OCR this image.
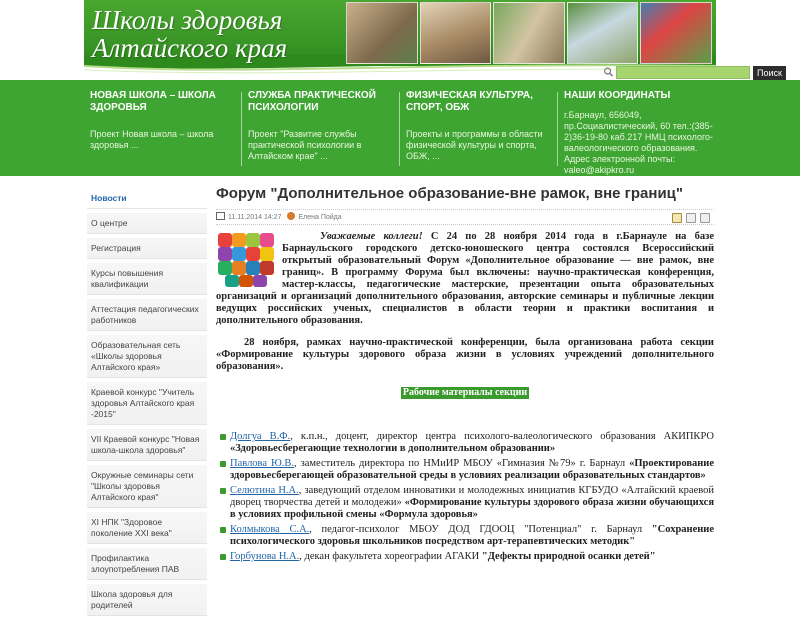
Школы здоровья
Алтайского края
Поиск
НОВАЯ ШКОЛА – ШКОЛА ЗДОРОВЬЯ
Проект Новая школа – школа здоровья ...
СЛУЖБА ПРАКТИЧЕСКОЙ ПСИХОЛОГИИ
Проект "Развитие службы практической психологии в Алтайском крае" ...
ФИЗИЧЕСКАЯ КУЛЬТУРА, СПОРТ, ОБЖ
Проекты и программы в области физической культуры и спорта, ОБЖ, ...
НАШИ КООРДИНАТЫ
г.Барнаул, 656049, пр.Социалистический, 60 тел.:(385-2)36-19-80 каб.217 НМЦ психолого-валеологического образования. Адрес электронной почты: valeo@akipkro.ru
Новости
О центре
Регистрация
Курсы повышения квалификации
Аттестация педагогических работников
Образовательная сеть «Школы здоровья Алтайского края»
Краевой конкурс "Учитель здоровья Алтайского края -2015"
VII Краевой конкурс "Новая школа-школа здоровья"
Окружные семинары сети "Школы здоровья Алтайского края"
XI НПК "Здоровое поколение XXI века"
Профилактика злоупотребления ПАВ
Школа здоровья для родителей
Форум "Дополнительное образование-вне рамок, вне границ"
11.11.2014 14:27 Елена Пойда

Уважаемые коллеги! С 24 по 28 ноября 2014 года в г.Барнауле на базе Барнаульского городского детско-юношеского центра состоялся Всероссийский открытый образовательный Форум «Дополнительное образование — вне рамок, вне границ». В программу Форума был включены: научно-практическая конференция, мастер-классы, педагогические мастерские, презентации опыта образовательных организаций и организаций дополнительного образования, авторские семинары и публичные лекции ведущих российских ученых, специалистов в области теории и практики воспитания и дополнительного образования.

28 ноября, рамках научно-практической конференции, была организована работа секции «Формирование культуры здорового образа жизни в условиях учреждений дополнительного образования».

Рабочие материалы секции
Долгуа В.Ф., к.п.н., доцент, директор центра психолого-валеологического образования АКИПКРО «Здоровьесберегающие технологии в дополнительном образовании»
Павлова Ю.В., заместитель директора по НМиИР МБОУ «Гимназия №79» г. Барнаул «Проектирование здоровьесберегающей образовательной среды в условиях реализации образовательных стандартов»
Селютина Н.А., заведующий отделом инноватики и молодежных инициатив КГБУДО «Алтайский краевой дворец творчества детей и молодежи» «Формирование культуры здорового образа жизни обучающихся в условиях профильной смены «Формула здоровья»
Колмыкова С.А., педагог-психолог МБОУ ДОД ГДООЦ "Потенциал" г. Барнаул "Сохранение психологического здоровья школьников посредством арт-терапевтических методик"
Горбунова Н.А., декан факультета хореографии АГАКИ "Дефекты природной осанки детей"
